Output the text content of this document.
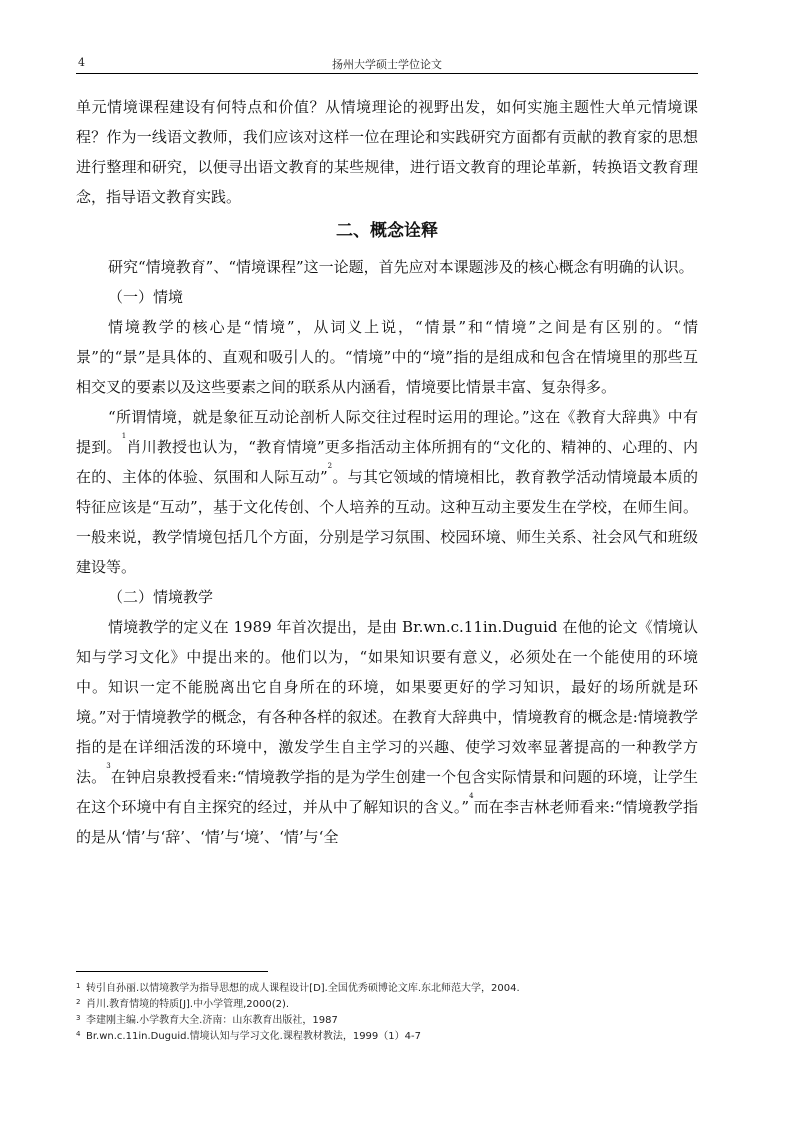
4	扬州大学硕士学位论文

单元情境课程建设有何特点和价值？从情境理论的视野出发，如何实施主题性大单元情境课程？作为一线语文教师，我们应该对这样一位在理论和实践研究方面都有贡献的教育家的思想进行整理和研究，以便寻出语文教育的某些规律，进行语文教育的理论革新，转换语文教育理念，指导语文教育实践。

二、概念诠释

研究“情境教育”、“情境课程”这一论题，首先应对本课题涉及的核心概念有明确的认识。

（一）情境

情境教学的核心是“情境”，从词义上说，“情景”和“情境”之间是有区别的。“情景”的“景”是具体的、直观和吸引人的。“情境”中的“境”指的是组成和包含在情境里的那些互相交叉的要素以及这些要素之间的联系从内涵看，情境要比情景丰富、复杂得多。

“所谓情境，就是象征互动论剖析人际交往过程时运用的理论。”这在《教育大辞典》中有提到。$^1$肖川教授也认为，“教育情境”更多指活动主体所拥有的“文化的、精神的、心理的、内在的、主体的体验、氛围和人际互动”$^2$。与其它领域的情境相比，教育教学活动情境最本质的特征应该是“互动”，基于文化传创、个人培养的互动。这种互动主要发生在学校，在师生间。一般来说，教学情境包括几个方面，分别是学习氛围、校园环境、师生关系、社会风气和班级建设等。

（二）情境教学

情境教学的定义在 1989 年首次提出，是由 Br.wn.c.11in.Duguid 在他的论文《情境认知与学习文化》中提出来的。他们以为，“如果知识要有意义，必须处在一个能使用的环境中。知识一定不能脱离出它自身所在的环境，如果要更好的学习知识，最好的场所就是环境。”对于情境教学的概念，有各种各样的叙述。在教育大辞典中，情境教育的概念是:情境教学指的是在详细活泼的环境中，激发学生自主学习的兴趣、使学习效率显著提高的一种教学方法。$^3$在钟启泉教授看来:“情境教学指的是为学生创建一个包含实际情景和问题的环境，让学生在这个环境中有自主探究的经过，并从中了解知识的含义。”$^4$而在李吉林老师看来:“情境教学指的是从‘情’与‘辞’、‘情’与‘境’、‘情’与‘全

1 转引自孙丽.以情境教学为指导思想的成人课程设计[D].全国优秀硕博论文库.东北师范大学，2004.
2 肖川.教育情境的特质[J].中小学管理,2000(2).
3 李建刚主编.小学教育大全.济南：山东教育出版社，1987
4 Br.wn.c.11in.Duguid.情境认知与学习文化.课程教材教法，1999（1）4-7
